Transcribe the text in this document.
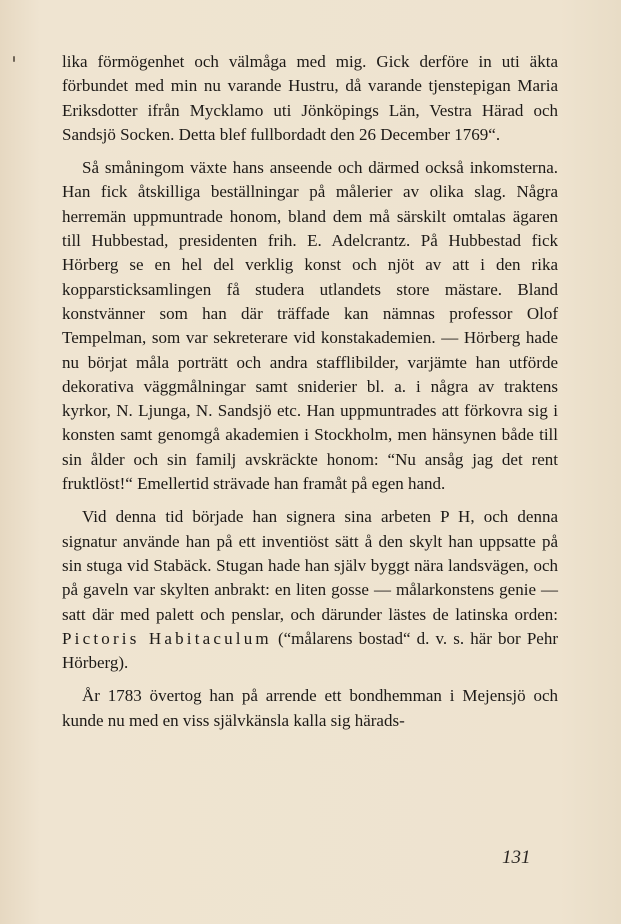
lika förmögenhet och välmåga med mig. Gick derföre in uti äkta förbundet med min nu varande Hustru, då varande tjenstepigan Maria Eriksdotter ifrån Mycklamo uti Jönköpings Län, Vestra Härad och Sandsjö Socken. Detta blef fullbordadt den 26 December 1769“.

Så småningom växte hans anseende och därmed också inkomsterna. Han fick åtskilliga beställningar på målerier av olika slag. Några herremän uppmuntrade honom, bland dem må särskilt omtalas ägaren till Hubbestad, presidenten frih. E. Adelcrantz. På Hubbestad fick Hörberg se en hel del verklig konst och njöt av att i den rika kopparsticksamlingen få studera utlandets store mästare. Bland konstvänner som han där träffade kan nämnas professor Olof Tempelman, som var sekreterare vid konstakademien. — Hörberg hade nu börjat måla porträtt och andra stafflibilder, varjämte han utförde dekorativa väggmålningar samt sniderier bl. a. i några av traktens kyrkor, N. Ljunga, N. Sandsjö etc. Han uppmuntrades att förkovra sig i konsten samt genomgå akademien i Stockholm, men hänsynen både till sin ålder och sin familj avskräckte honom: “Nu ansåg jag det rent fruktlöst!“ Emellertid strävade han framåt på egen hand.

Vid denna tid började han signera sina arbeten P H, och denna signatur använde han på ett inventiöst sätt å den skylt han uppsatte på sin stuga vid Stabäck. Stugan hade han själv byggt nära landsvägen, och på gaveln var skylten anbrakt: en liten gosse — målarkonstens genie — satt där med palett och penslar, och därunder lästes de latinska orden: Pictoris Habitaculum (“målarens bostad“ d. v. s. här bor Pehr Hörberg).

År 1783 övertog han på arrende ett bondhemman i Mejensjö och kunde nu med en viss självkänsla kalla sig härads-

131
